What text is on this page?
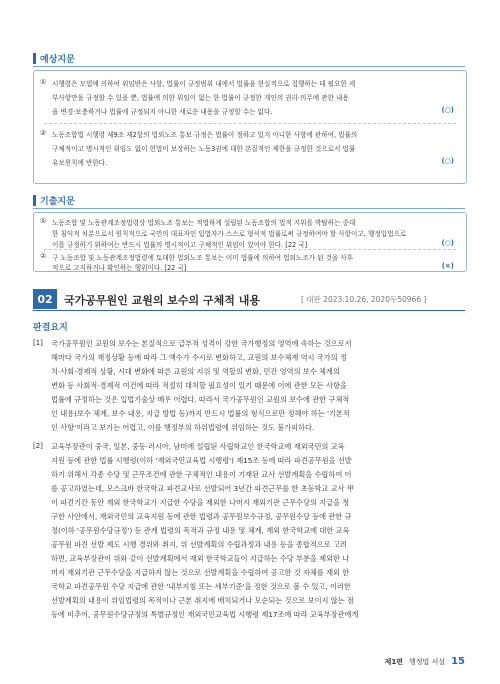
예상지문
① 시행령은 모법에 의하여 위임받은 사항, 법률이 규정범위 내에서 법률을 현실적으로 집행하는 데 필요한 세
부사항만을 규정할 수 있을 뿐, 법률에 의한 위임이 없는 한 법률이 규정한 개인의 권리·의무에 관한 내용
을 변경·보충하거나 법률에 규정되지 아니한 새로운 내용을 규정할 수는 없다.	(○)
② 노동조합법 시행령 제9조 제2항의 법외노조 통보 규정은 법률이 정하고 있지 아니한 사항에 관하여, 법률의
구체적이고 명시적인 위임도 없이 헌법이 보장하는 노동3권에 대한 본질적인 제한을 규정한 것으로서 법률
유보원칙에 반한다.	(○)
기출지문
① 노동조합 및 노동관계조정법령상 법외노조 통보는 적법하게 설립된 노동조합의 법적 지위를 박탈하는 중대
한 침익적 처분으로서 원칙적으로 국민의 대표자인 입법자가 스스로 형식적 법률로써 규정하여야 할 사항이고, 행정입법으로
이를 규정하기 위하여는 반드시 법률의 명시적이고 구체적인 위임이 있어야 한다. [22 국]	(○)
② 구 노동조합 및 노동관계조정법령에 토대한 법외노조 통보는 이미 법률에 의하여 법외노조가 된 것을 사후
적으로 고지하거나 확인하는 행위이다. [22 국]	(×)
02	국가공무원인 교원의 보수의 구체적 내용	[ 대판 2023.10.26, 2020두50966 ]
판결요지
[1] 국가공무원인 교원의 보수는 본질적으로 급부적 성격이 강한 국가행정의 영역에 속하는 것으로서
해마다 국가의 재정상황 등에 따라 그 액수가 수시로 변화하고, 교원의 보수체계 역시 국가의 정
치·사회·경제적 상황, 시대 변화에 따른 교원의 지위 및 역할의 변화, 민간 영역의 보수 체계의
변화 등 사회적·경제적 여건에 따라 적절히 대처할 필요성이 있기 때문에 이에 관한 모든 사항을
법률에 규정하는 것은 입법기술상 매우 어렵다. 따라서 국가공무원인 교원의 보수에 관한 구체적
인 내용(보수 체계, 보수 내용, 지급 방법 등)까지 반드시 법률의 형식으로만 정해야 하는 '기본적
인 사항'이라고 보기는 어렵고, 이를 행정부의 하위법령에 위임하는 것도 불가피하다.
[2] 교육부장관이 중국, 일본, 중동·러시아, 남미에 설립된 사립학교인 한국학교에 재외국민의 교육
지원 등에 관한 법률 시행령(이하 '재외국민교육법 시행령') 제15조 등에 따라 파견공무원을 선발
하기 위해서 각종 수당 및 근무조건에 관한 구체적인 내용이 기재된 교사 선발계획을 수립하여 이
를 공고하였는데, 모스크바 한국학교 파견교사로 선발되어 3년간 파견근무를 한 초등학교 교사 甲
이 파견기간 동안 재외 한국학교가 지급한 수당을 제외한 나머지 재외기관 근무수당의 지급을 청
구한 사안에서, 재외국민의 교육지원 등에 관한 법령과 공무원보수규정, 공무원수당 등에 관한 규
정(이하 '공무원수당규정') 등 관계 법령의 목적과 규정 내용 및 체계, 재외 한국학교에 대한 교육
공무원 파견 선발 제도 시행 경위와 취지, 위 선발계획의 수립과정과 내용 등을 종합적으로 고려
하면, 교육부장관이 위와 같이 선발계획에서 재외 한국학교들이 지급하는 수당 부분을 제외한 나
머지 재외기관 근무수당을 지급하지 않는 것으로 선발계획을 수립하여 공고한 것 자체를 재외 한
국학교 파견공무원 수당 지급에 관한 '내부지침 또는 세부기준'을 정한 것으로 볼 수 있고, 이러한
선발계획의 내용이 위임법령의 목적이나 근본 취지에 배치되거나 모순되는 것으로 보이지 않는 점
등에 비추어, 공무원수당규정의 특별규정인 재외국민교육법 시행령 제17조에 따라 교육부장관에게
제1편 행정법 서설 15
